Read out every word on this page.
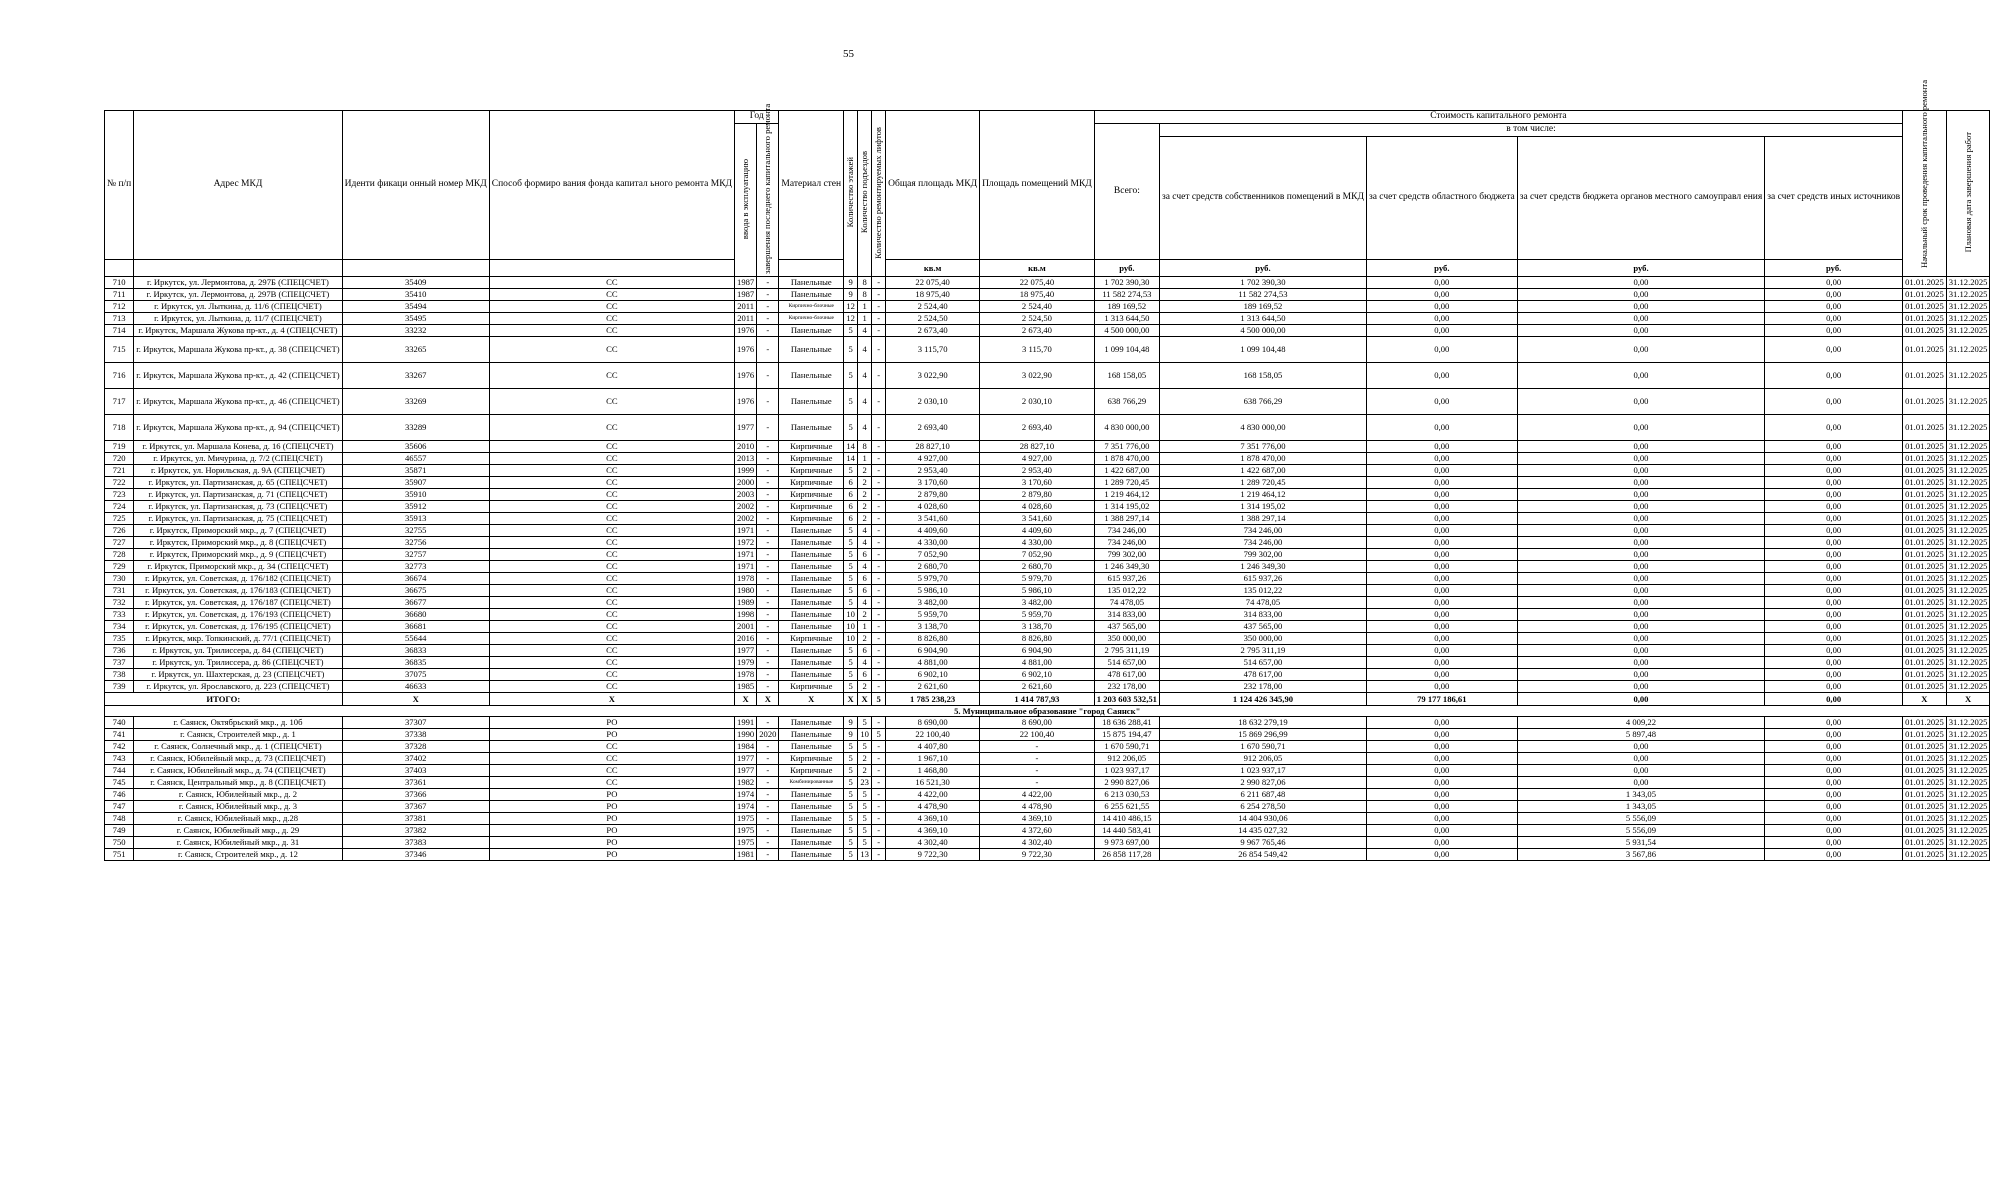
55
№ п/п	Адрес МКД	Иденти фикаци онный номер МКД	Способ формиро вания фонда капитал ьного ремонта МКД	Год		Материал стен	Количество этажей	Количество подъездов	Количество ремонтируемых лифтов	Общая площадь МКД	Площадь помещений МКД	Стоимость капитального ремонта					Начальный срок проведения капитального ремонта	Плановая дата завершения работ
				ввода в эксплуатацию	завершения последнего капитального ремонта							Всего:	в том числе:					
													за счет средств собственников помещений в МКД	за счет средств областного бюджета	за счет средств бюджета органов местного самоуправл ения	за счет средств иных источников		
										кв.м	кв.м	руб.	руб.	руб.	руб.	руб.		
710	г. Иркутск, ул. Лермонтова, д. 297Б (СПЕЦСЧЕТ)	35409	СС	1987	-	Панельные	9	8	-	22 075,40	22 075,40	1 702 390,30	1 702 390,30	0,00	0,00	0,00	01.01.2025	31.12.2025
711	г. Иркутск, ул. Лермонтова, д. 297В (СПЕЦСЧЕТ)	35410	СС	1987	-	Панельные	9	8	-	18 975,40	18 975,40	11 582 274,53	11 582 274,53	0,00	0,00	0,00	01.01.2025	31.12.2025
712	г. Иркутск, ул. Лыткина, д. 11/6 (СПЕЦСЧЕТ)	35494	СС	2011	-	Кирпично-блочные	12	1	-	2 524,40	2 524,40	189 169,52	189 169,52	0,00	0,00	0,00	01.01.2025	31.12.2025
713	г. Иркутск, ул. Лыткина, д. 11/7 (СПЕЦСЧЕТ)	35495	СС	2011	-	Кирпично-блочные	12	1	-	2 524,50	2 524,50	1 313 644,50	1 313 644,50	0,00	0,00	0,00	01.01.2025	31.12.2025
714	г. Иркутск, Маршала Жукова пр-кт., д. 4 (СПЕЦСЧЕТ)	33232	СС	1976	-	Панельные	5	4	-	2 673,40	2 673,40	4 500 000,00	4 500 000,00	0,00	0,00	0,00	01.01.2025	31.12.2025
715	г. Иркутск, Маршала Жукова пр-кт., д. 38 (СПЕЦСЧЕТ)	33265	СС	1976	-	Панельные	5	4	-	3 115,70	3 115,70	1 099 104,48	1 099 104,48	0,00	0,00	0,00	01.01.2025	31.12.2025
716	г. Иркутск, Маршала Жукова пр-кт., д. 42 (СПЕЦСЧЕТ)	33267	СС	1976	-	Панельные	5	4	-	3 022,90	3 022,90	168 158,05	168 158,05	0,00	0,00	0,00	01.01.2025	31.12.2025
717	г. Иркутск, Маршала Жукова пр-кт., д. 46 (СПЕЦСЧЕТ)	33269	СС	1976	-	Панельные	5	4	-	2 030,10	2 030,10	638 766,29	638 766,29	0,00	0,00	0,00	01.01.2025	31.12.2025
718	г. Иркутск, Маршала Жукова пр-кт., д. 94 (СПЕЦСЧЕТ)	33289	СС	1977	-	Панельные	5	4	-	2 693,40	2 693,40	4 830 000,00	4 830 000,00	0,00	0,00	0,00	01.01.2025	31.12.2025
719	г. Иркутск, ул. Маршала Конева, д. 16 (СПЕЦСЧЕТ)	35606	СС	2010	-	Кирпичные	14	8	-	28 827,10	28 827,10	7 351 776,00	7 351 776,00	0,00	0,00	0,00	01.01.2025	31.12.2025
720	г. Иркутск, ул. Мичурина, д. 7/2 (СПЕЦСЧЕТ)	46557	СС	2013	-	Кирпичные	14	1	-	4 927,00	4 927,00	1 878 470,00	1 878 470,00	0,00	0,00	0,00	01.01.2025	31.12.2025
721	г. Иркутск, ул. Норильская, д. 9А (СПЕЦСЧЕТ)	35871	СС	1999	-	Кирпичные	5	2	-	2 953,40	2 953,40	1 422 687,00	1 422 687,00	0,00	0,00	0,00	01.01.2025	31.12.2025
722	г. Иркутск, ул. Партизанская, д. 65 (СПЕЦСЧЕТ)	35907	СС	2000	-	Кирпичные	6	2	-	3 170,60	3 170,60	1 289 720,45	1 289 720,45	0,00	0,00	0,00	01.01.2025	31.12.2025
723	г. Иркутск, ул. Партизанская, д. 71 (СПЕЦСЧЕТ)	35910	СС	2003	-	Кирпичные	6	2	-	2 879,80	2 879,80	1 219 464,12	1 219 464,12	0,00	0,00	0,00	01.01.2025	31.12.2025
724	г. Иркутск, ул. Партизанская, д. 73 (СПЕЦСЧЕТ)	35912	СС	2002	-	Кирпичные	6	2	-	4 028,60	4 028,60	1 314 195,02	1 314 195,02	0,00	0,00	0,00	01.01.2025	31.12.2025
725	г. Иркутск, ул. Партизанская, д. 75 (СПЕЦСЧЕТ)	35913	СС	2002	-	Кирпичные	6	2	-	3 541,60	3 541,60	1 388 297,14	1 388 297,14	0,00	0,00	0,00	01.01.2025	31.12.2025
726	г. Иркутск, Приморский мкр., д. 7 (СПЕЦСЧЕТ)	32755	СС	1971	-	Панельные	5	4	-	4 409,60	4 409,60	734 246,00	734 246,00	0,00	0,00	0,00	01.01.2025	31.12.2025
727	г. Иркутск, Приморский мкр., д. 8 (СПЕЦСЧЕТ)	32756	СС	1972	-	Панельные	5	4	-	4 330,00	4 330,00	734 246,00	734 246,00	0,00	0,00	0,00	01.01.2025	31.12.2025
728	г. Иркутск, Приморский мкр., д. 9 (СПЕЦСЧЕТ)	32757	СС	1971	-	Панельные	5	6	-	7 052,90	7 052,90	799 302,00	799 302,00	0,00	0,00	0,00	01.01.2025	31.12.2025
729	г. Иркутск, Приморский мкр., д. 34 (СПЕЦСЧЕТ)	32773	СС	1971	-	Панельные	5	4	-	2 680,70	2 680,70	1 246 349,30	1 246 349,30	0,00	0,00	0,00	01.01.2025	31.12.2025
730	г. Иркутск, ул. Советская, д. 176/182 (СПЕЦСЧЕТ)	36674	СС	1978	-	Панельные	5	6	-	5 979,70	5 979,70	615 937,26	615 937,26	0,00	0,00	0,00	01.01.2025	31.12.2025
731	г. Иркутск, ул. Советская, д. 176/183 (СПЕЦСЧЕТ)	36675	СС	1980	-	Панельные	5	6	-	5 986,10	5 986,10	135 012,22	135 012,22	0,00	0,00	0,00	01.01.2025	31.12.2025
732	г. Иркутск, ул. Советская, д. 176/187 (СПЕЦСЧЕТ)	36677	СС	1989	-	Панельные	5	4	-	3 482,00	3 482,00	74 478,05	74 478,05	0,00	0,00	0,00	01.01.2025	31.12.2025
733	г. Иркутск, ул. Советская, д. 176/193 (СПЕЦСЧЕТ)	36680	СС	1998	-	Панельные	10	2	-	5 959,70	5 959,70	314 833,00	314 833,00	0,00	0,00	0,00	01.01.2025	31.12.2025
734	г. Иркутск, ул. Советская, д. 176/195 (СПЕЦСЧЕТ)	36681	СС	2001	-	Панельные	10	1	-	3 138,70	3 138,70	437 565,00	437 565,00	0,00	0,00	0,00	01.01.2025	31.12.2025
735	г. Иркутск, мкр. Топкинский, д. 77/1 (СПЕЦСЧЕТ)	55644	СС	2016	-	Кирпичные	10	2	-	8 826,80	8 826,80	350 000,00	350 000,00	0,00	0,00	0,00	01.01.2025	31.12.2025
736	г. Иркутск, ул. Трилиссера, д. 84 (СПЕЦСЧЕТ)	36833	СС	1977	-	Панельные	5	6	-	6 904,90	6 904,90	2 795 311,19	2 795 311,19	0,00	0,00	0,00	01.01.2025	31.12.2025
737	г. Иркутск, ул. Трилиссера, д. 86 (СПЕЦСЧЕТ)	36835	СС	1979	-	Панельные	5	4	-	4 881,00	4 881,00	514 657,00	514 657,00	0,00	0,00	0,00	01.01.2025	31.12.2025
738	г. Иркутск, ул. Шахтерская, д. 23 (СПЕЦСЧЕТ)	37075	СС	1978	-	Панельные	5	6	-	6 902,10	6 902,10	478 617,00	478 617,00	0,00	0,00	0,00	01.01.2025	31.12.2025
739	г. Иркутск, ул. Ярославского, д. 223 (СПЕЦСЧЕТ)	46633	СС	1985	-	Кирпичные	5	2	-	2 621,60	2 621,60	232 178,00	232 178,00	0,00	0,00	0,00	01.01.2025	31.12.2025
ИТОГО:		X	X	X	X	X	X	X	5	1 785 238,23	1 414 787,93	1 203 603 532,51	1 124 426 345,90	79 177 186,61	0,00	0,00	X	X
5. Муниципальное образование "город Саянск"																		
740	г. Саянск, Октябрьский мкр., д. 10б	37307	РО	1991	-	Панельные	9	5	-	8 690,00	8 690,00	18 636 288,41	18 632 279,19	0,00	4 009,22	0,00	01.01.2025	31.12.2025
741	г. Саянск, Строителей мкр., д. 1	37338	РО	1990	2020	Панельные	9	10	5	22 100,40	22 100,40	15 875 194,47	15 869 296,99	0,00	5 897,48	0,00	01.01.2025	31.12.2025
742	г. Саянск, Солнечный мкр., д. 1 (СПЕЦСЧЕТ)	37328	СС	1984	-	Панельные	5	5	-	4 407,80	-	1 670 590,71	1 670 590,71	0,00	0,00	0,00	01.01.2025	31.12.2025
743	г. Саянск, Юбилейный мкр., д. 73 (СПЕЦСЧЕТ)	37402	СС	1977	-	Кирпичные	5	2	-	1 967,10	-	912 206,05	912 206,05	0,00	0,00	0,00	01.01.2025	31.12.2025
744	г. Саянск, Юбилейный мкр., д. 74 (СПЕЦСЧЕТ)	37403	СС	1977	-	Кирпичные	5	2	-	1 468,80	-	1 023 937,17	1 023 937,17	0,00	0,00	0,00	01.01.2025	31.12.2025
745	г. Саянск, Центральный мкр., д. 8 (СПЕЦСЧЕТ)	37361	СС	1982	-	Комбинированные	5	23	-	16 521,30	-	2 990 827,06	2 990 827,06	0,00	0,00	0,00	01.01.2025	31.12.2025
746	г. Саянск, Юбилейный мкр., д. 2	37366	РО	1974	-	Панельные	5	5	-	4 422,00	4 422,00	6 213 030,53	6 211 687,48	0,00	1 343,05	0,00	01.01.2025	31.12.2025
747	г. Саянск, Юбилейный мкр., д. 3	37367	РО	1974	-	Панельные	5	5	-	4 478,90	4 478,90	6 255 621,55	6 254 278,50	0,00	1 343,05	0,00	01.01.2025	31.12.2025
748	г. Саянск, Юбилейный мкр., д.28	37381	РО	1975	-	Панельные	5	5	-	4 369,10	4 369,10	14 410 486,15	14 404 930,06	0,00	5 556,09	0,00	01.01.2025	31.12.2025
749	г. Саянск, Юбилейный мкр., д. 29	37382	РО	1975	-	Панельные	5	5	-	4 369,10	4 372,60	14 440 583,41	14 435 027,32	0,00	5 556,09	0,00	01.01.2025	31.12.2025
750	г. Саянск, Юбилейный мкр., д. 31	37383	РО	1975	-	Панельные	5	5	-	4 302,40	4 302,40	9 973 697,00	9 967 765,46	0,00	5 931,54	0,00	01.01.2025	31.12.2025
751	г. Саянск, Строителей мкр., д. 12	37346	РО	1981	-	Панельные	5	13	-	9 722,30	9 722,30	26 858 117,28	26 854 549,42	0,00	3 567,86	0,00	01.01.2025	31.12.2025
